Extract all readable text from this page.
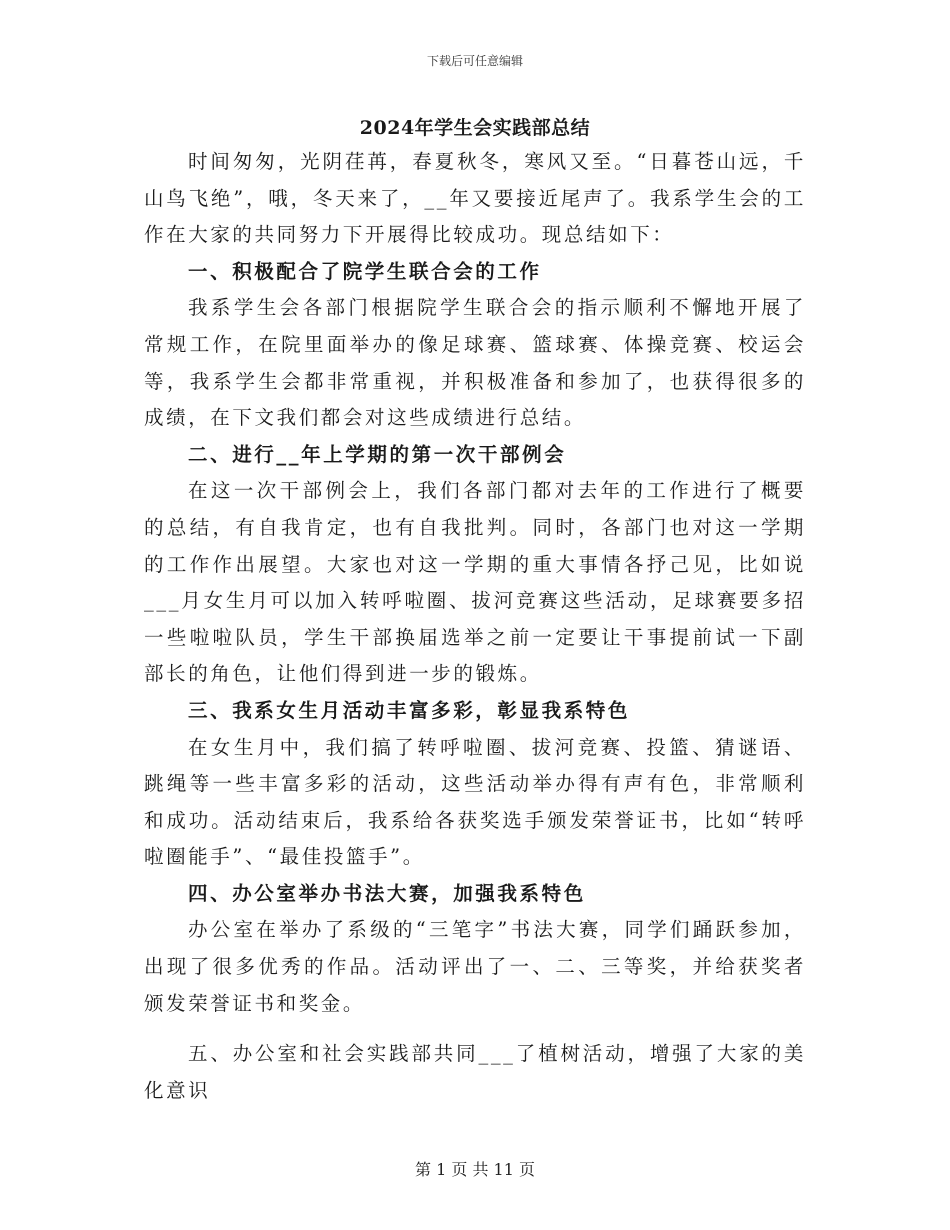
下载后可任意编辑
2024年学生会实践部总结

时间匆匆，光阴荏苒，春夏秋冬，寒风又至。“日暮苍山远，千山鸟飞绝”，哦，冬天来了，__年又要接近尾声了。我系学生会的工作在大家的共同努力下开展得比较成功。现总结如下：

一、积极配合了院学生联合会的工作

我系学生会各部门根据院学生联合会的指示顺利不懈地开展了常规工作，在院里面举办的像足球赛、篮球赛、体操竞赛、校运会等，我系学生会都非常重视，并积极准备和参加了，也获得很多的成绩，在下文我们都会对这些成绩进行总结。

二、进行__年上学期的第一次干部例会

在这一次干部例会上，我们各部门都对去年的工作进行了概要的总结，有自我肯定，也有自我批判。同时，各部门也对这一学期的工作作出展望。大家也对这一学期的重大事情各抒己见，比如说___月女生月可以加入转呼啦圈、拔河竞赛这些活动，足球赛要多招一些啦啦队员，学生干部换届选举之前一定要让干事提前试一下副部长的角色，让他们得到进一步的锻炼。

三、我系女生月活动丰富多彩，彰显我系特色

在女生月中，我们搞了转呼啦圈、拔河竞赛、投篮、猜谜语、跳绳等一些丰富多彩的活动，这些活动举办得有声有色，非常顺利和成功。活动结束后，我系给各获奖选手颁发荣誉证书，比如“转呼啦圈能手”、“最佳投篮手”。

四、办公室举办书法大赛，加强我系特色

办公室在举办了系级的“三笔字”书法大赛，同学们踊跃参加，出现了很多优秀的作品。活动评出了一、二、三等奖，并给获奖者颁发荣誉证书和奖金。

五、办公室和社会实践部共同___了植树活动，增强了大家的美化意识

第 1 页 共 11 页
